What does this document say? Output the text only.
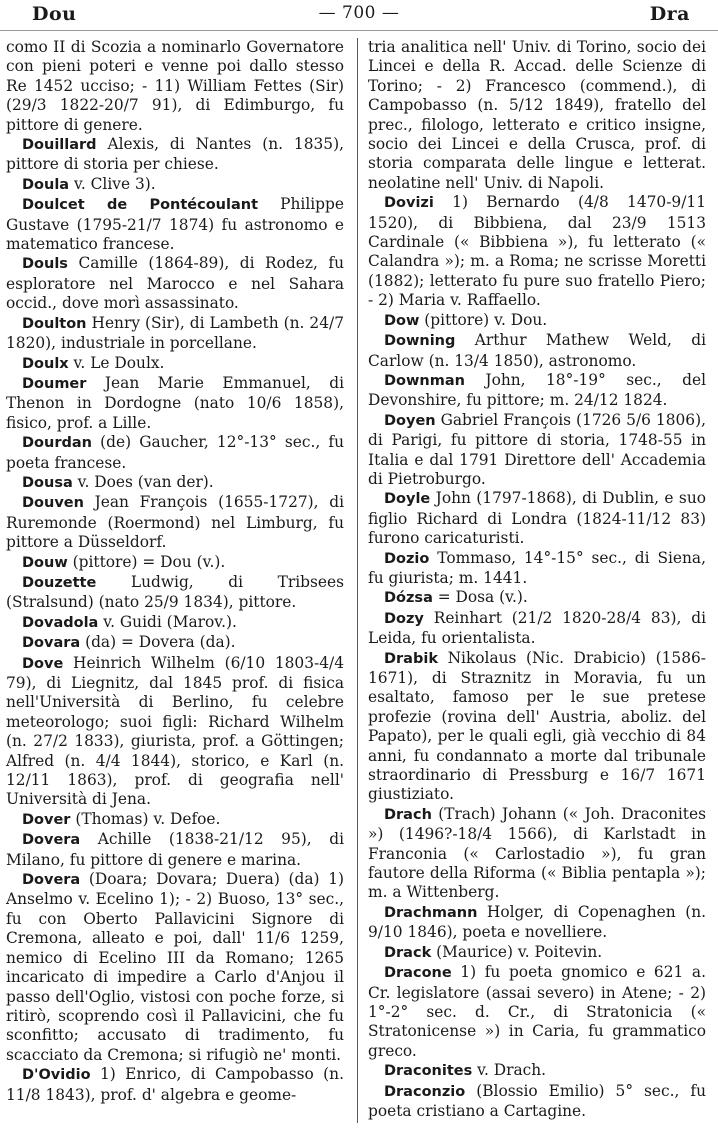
Dou	— 700 —	Dra

como II di Scozia a nominarlo Governatore con pieni poteri e venne poi dallo stesso Re 1452 ucciso; - 11) William Fettes (Sir) (29/3 1822-20/7 91), di Edimburgo, fu pittore di genere.

Douillard Alexis, di Nantes (n. 1835), pittore di storia per chiese.

Doula v. Clive 3).

Doulcet de Pontécoulant Philippe Gustave (1795-21/7 1874) fu astronomo e matematico francese.

Douls Camille (1864-89), di Rodez, fu esploratore nel Marocco e nel Sahara occid., dove morì assassinato.

Doulton Henry (Sir), di Lambeth (n. 24/7 1820), industriale in porcellane.

Doulx v. Le Doulx.

Doumer Jean Marie Emmanuel, di Thenon in Dordogne (nato 10/6 1858), fisico, prof. a Lille.

Dourdan (de) Gaucher, 12°-13° sec., fu poeta francese.

Dousa v. Does (van der).

Douven Jean François (1655-1727), di Ruremonde (Roermond) nel Limburg, fu pittore a Düsseldorf.

Douw (pittore) = Dou (v.).

Douzette Ludwig, di Tribsees (Stralsund) (nato 25/9 1834), pittore.

Dovadola v. Guidi (Marov.).

Dovara (da) = Dovera (da).

Dove Heinrich Wilhelm (6/10 1803-4/4 79), di Liegnitz, dal 1845 prof. di fisica nell'Università di Berlino, fu celebre meteorologo; suoi figli: Richard Wilhelm (n. 27/2 1833), giurista, prof. a Göttingen; Alfred (n. 4/4 1844), storico, e Karl (n. 12/11 1863), prof. di geografia nell' Università di Jena.

Dover (Thomas) v. Defoe.

Dovera Achille (1838-21/12 95), di Milano, fu pittore di genere e marina.

Dovera (Doara; Dovara; Duera) (da) 1) Anselmo v. Ecelino 1); - 2) Buoso, 13° sec., fu con Oberto Pallavicini Signore di Cremona, alleato e poi, dall' 11/6 1259, nemico di Ecelino III da Romano; 1265 incaricato di impedire a Carlo d'Anjou il passo dell'Oglio, vistosi con poche forze, si ritirò, scoprendo così il Pallavicini, che fu sconfitto; accusato di tradimento, fu scacciato da Cremona; si rifugiò ne' monti.

D'Ovidio 1) Enrico, di Campobasso (n. 11/8 1843), prof. d' algebra e geome-

tria analitica nell' Univ. di Torino, socio dei Lincei e della R. Accad. delle Scienze di Torino; - 2) Francesco (commend.), di Campobasso (n. 5/12 1849), fratello del prec., filologo, letterato e critico insigne, socio dei Lincei e della Crusca, prof. di storia comparata delle lingue e letterat. neolatine nell' Univ. di Napoli.

Dovizi 1) Bernardo (4/8 1470-9/11 1520), di Bibbiena, dal 23/9 1513 Cardinale (« Bibbiena »), fu letterato (« Calandra »); m. a Roma; ne scrisse Moretti (1882); letterato fu pure suo fratello Piero; - 2) Maria v. Raffaello.

Dow (pittore) v. Dou.

Downing Arthur Mathew Weld, di Carlow (n. 13/4 1850), astronomo.

Downman John, 18°-19° sec., del Devonshire, fu pittore; m. 24/12 1824.

Doyen Gabriel François (1726 5/6 1806), di Parigi, fu pittore di storia, 1748-55 in Italia e dal 1791 Direttore dell' Accademia di Pietroburgo.

Doyle John (1797-1868), di Dublin, e suo figlio Richard di Londra (1824-11/12 83) furono caricaturisti.

Dozio Tommaso, 14°-15° sec., di Siena, fu giurista; m. 1441.

Dózsa = Dosa (v.).

Dozy Reinhart (21/2 1820-28/4 83), di Leida, fu orientalista.

Drabik Nikolaus (Nic. Drabicio) (1586-1671), di Straznitz in Moravia, fu un esaltato, famoso per le sue pretese profezie (rovina dell' Austria, aboliz. del Papato), per le quali egli, già vecchio di 84 anni, fu condannato a morte dal tribunale straordinario di Pressburg e 16/7 1671 giustiziato.

Drach (Trach) Johann (« Joh. Draconites ») (1496?-18/4 1566), di Karlstadt in Franconia (« Carlostadio »), fu gran fautore della Riforma (« Biblia pentapla »); m. a Wittenberg.

Drachmann Holger, di Copenaghen (n. 9/10 1846), poeta e novelliere.

Drack (Maurice) v. Poitevin.

Dracone 1) fu poeta gnomico e 621 a. Cr. legislatore (assai severo) in Atene; - 2) 1°-2° sec. d. Cr., di Stratonicia (« Stratonicense ») in Caria, fu grammatico greco.

Draconites v. Drach.

Draconzio (Blossio Emilio) 5° sec., fu poeta cristiano a Cartagine.
